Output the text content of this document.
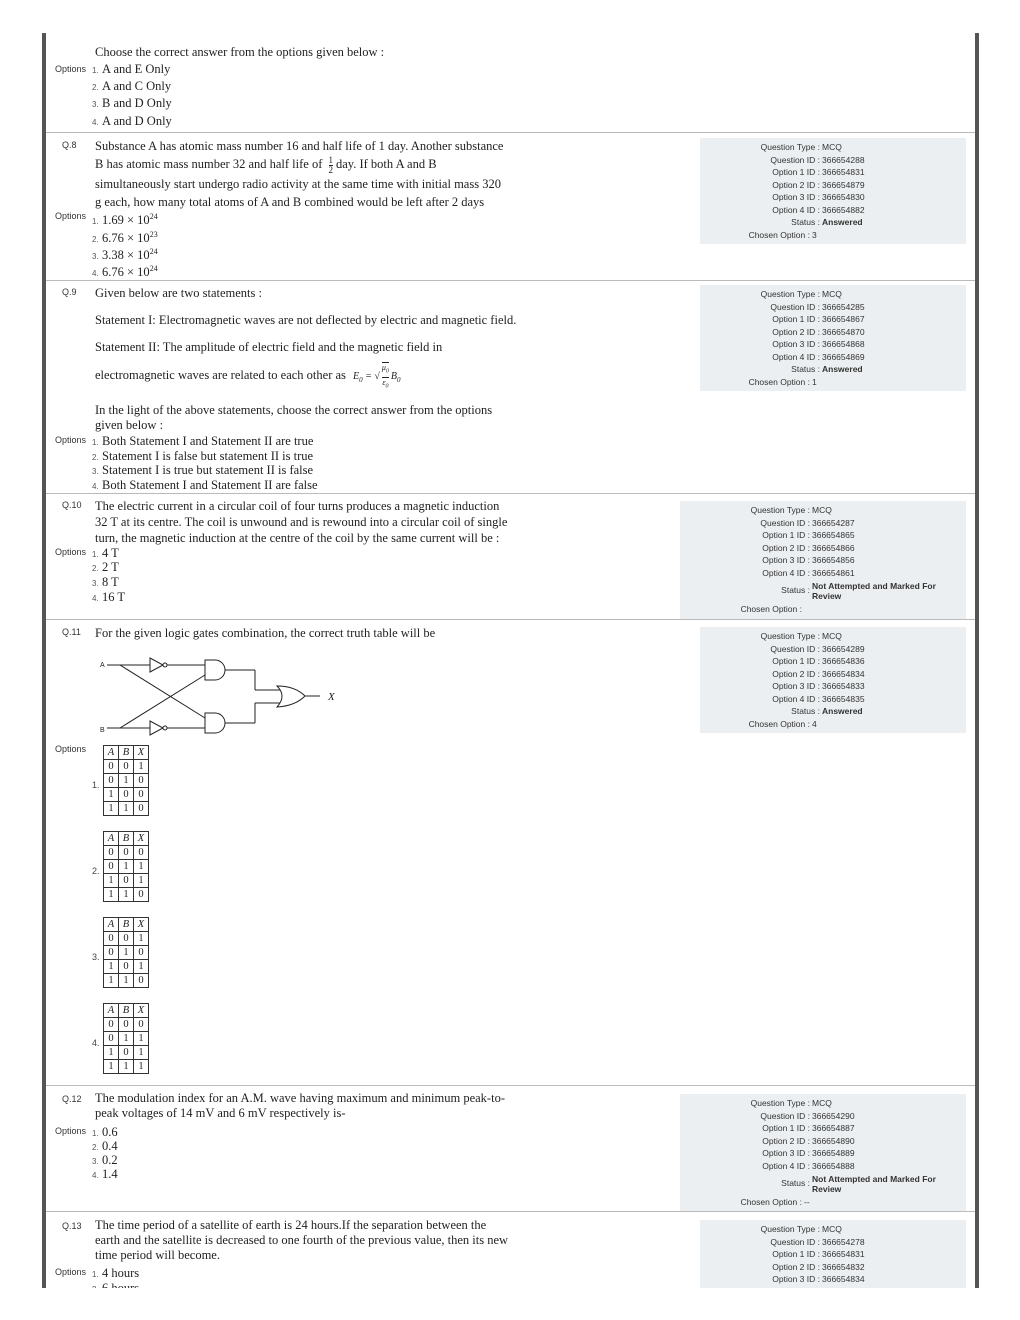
Choose the correct answer from the options given below :
Options 1. A and E Only
2. A and C Only
3. B and D Only
4. A and D Only
Q.8 Substance A has atomic mass number 16 and half life of 1 day. Another substance
B has atomic mass number 32 and half life of $\frac{1}{2}$ day. If both A and B
simultaneously start undergo radio activity at the same time with initial mass 320
g each, how many total atoms of A and B combined would be left after 2 days
Options
1. $1.69 \times 10^{24}$
2. $6.76 \times 10^{23}$
3. $3.38 \times 10^{24}$
4. $6.76 \times 10^{24}$
Question Type : MCQ
Question ID : 366654288
Option 1 ID : 366654831
Option 2 ID : 366654879
Option 3 ID : 366654830
Option 4 ID : 366654882
Status : Answered
Chosen Option : 3
Q.9 Given below are two statements :
Statement I: Electromagnetic waves are not deflected by electric and magnetic field.
Statement II: The amplitude of electric field and the magnetic field in
electromagnetic waves are related to each other as $E_0$ = √ $\frac{\mu_0}{\varepsilon_0} B_0$
In the light of the above statements, choose the correct answer from the options
given below :
Options 1. Both Statement I and Statement II are true
2. Statement I is false but statement II is true
3. Statement I is true but statement II is false
4. Both Statement I and Statement II are false
Question Type : MCQ
Question ID : 366654285
Option 1 ID : 366654867
Option 2 ID : 366654870
Option 3 ID : 366654868
Option 4 ID : 366654869
Status : Answered
Chosen Option : 1
Q.10 The electric current in a circular coil of four turns produces a magnetic induction
32 T at its centre. The coil is unwound and is rewound into a circular coil of single
turn, the magnetic induction at the centre of the coil by the same current will be :
Options 1. 4 T
2. 2 T
3. 8 T
4. 16 T
Question Type : MCQ
Question ID : 366654287
Option 1 ID : 366654865
Option 2 ID : 366654866
Option 3 ID : 366654856
Option 4 ID : 366654861
Status : Not Attempted and Marked For
Review
Chosen Option :
Q.11 For the given logic gates combination, the correct truth table will be
A
B
X
Options
1.
A	B	X
0	0	1
0	1	0
1	0	0
1	1	0
2.
A	B	X
0	0	0
0	1	1
1	0	1
1	1	0
3.
A	B	X
0	0	1
0	1	0
1	0	1
1	1	0
4.
A	B	X
0	0	0
0	1	1
1	0	1
1	1	1
Question Type : MCQ
Question ID : 366654289
Option 1 ID : 366654836
Option 2 ID : 366654834
Option 3 ID : 366654833
Option 4 ID : 366654835
Status : Answered
Chosen Option : 4
Q.12 The modulation index for an A.M. wave having maximum and minimum peak-to-
peak voltages of 14 mV and 6 mV respectively is-
Options 1. 0.6
2. 0.4
3. 0.2
4. 1.4
Question Type : MCQ
Question ID : 366654290
Option 1 ID : 366654887
Option 2 ID : 366654890
Option 3 ID : 366654889
Option 4 ID : 366654888
Status : Not Attempted and Marked For
Review
Chosen Option : --
Q.13 The time period of a satellite of earth is 24 hours.If the separation between the
earth and the satellite is decreased to one fourth of the previous value, then its new
time period will become.
Options 1. 4 hours
Question Type : MCQ
Question ID : 366654278
Option 1 ID : 366654831
Option 2 ID : 366654832
Option 3 ID : 366654834
